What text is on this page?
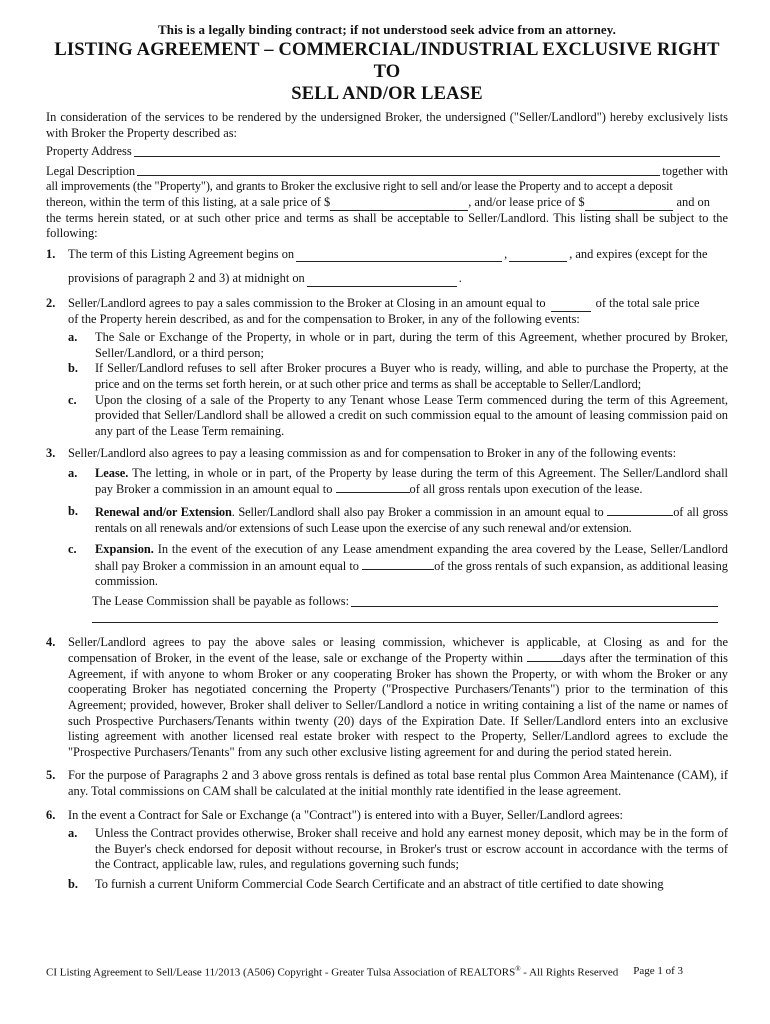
This is a legally binding contract; if not understood seek advice from an attorney.
LISTING AGREEMENT – COMMERCIAL/INDUSTRIAL EXCLUSIVE RIGHT TO
SELL AND/OR LEASE

In consideration of the services to be rendered by the undersigned Broker, the undersigned ("Seller/Landlord") hereby exclusively lists with Broker the Property described as:

Property Address
Legal Description	together with

all improvements (the "Property"), and grants to Broker the exclusive right to sell and/or lease the Property and to accept a deposit

thereon, within the term of this listing, at a sale price of $	, and/or lease price of $	and on

the terms herein stated, or at such other price and terms as shall be acceptable to Seller/Landlord. This listing shall be subject to the following:

1. The term of this Listing Agreement begins on	,	, and expires (except for the
provisions of paragraph 2 and 3) at midnight on	.
2. Seller/Landlord agrees to pay a sales commission to the Broker at Closing in an amount equal to	of the total sale price

of the Property herein described, as and for the compensation to Broker, in any of the following events:

a. The Sale or Exchange of the Property, in whole or in part, during the term of this Agreement, whether procured by Broker, Seller/Landlord, or a third person;

b. If Seller/Landlord refuses to sell after Broker procures a Buyer who is ready, willing, and able to purchase the Property, at the price and on the terms set forth herein, or at such other price and terms as shall be acceptable to Seller/Landlord;

c. Upon the closing of a sale of the Property to any Tenant whose Lease Term commenced during the term of this Agreement, provided that Seller/Landlord shall be allowed a credit on such commission equal to the amount of leasing commission paid on any part of the Lease Term remaining.

3. Seller/Landlord also agrees to pay a leasing commission as and for compensation to Broker in any of the following events:

a. Lease. The letting, in whole or in part, of the Property by lease during the term of this Agreement. The Seller/Landlord shall pay Broker a commission in an amount equal to	of all gross rentals upon execution of the lease.

b. Renewal and/or Extension. Seller/Landlord shall also pay Broker a commission in an amount equal to	of all gross rentals on all renewals and/or extensions of such Lease upon the exercise of any such renewal and/or extension.

c. Expansion. In the event of the execution of any Lease amendment expanding the area covered by the Lease, Seller/Landlord shall pay Broker a commission in an amount equal to	of the gross rentals of such expansion, as additional leasing commission.

The Lease Commission shall be payable as follows:
4. Seller/Landlord agrees to pay the above sales or leasing commission, whichever is applicable, at Closing as and for the compensation of Broker, in the event of the lease, sale or exchange of the Property within	days after the termination of this Agreement, if with anyone to whom Broker or any cooperating Broker has shown the Property, or with whom the Broker or any cooperating Broker has negotiated concerning the Property ("Prospective Purchasers/Tenants") prior to the termination of this Agreement; provided, however, Broker shall deliver to Seller/Landlord a notice in writing containing a list of the name or names of such Prospective Purchasers/Tenants within twenty (20) days of the Expiration Date. If Seller/Landlord enters into an exclusive listing agreement with another licensed real estate broker with respect to the Property, Seller/Landlord agrees to exclude the "Prospective Purchasers/Tenants" from any such other exclusive listing agreement for and during the period stated herein.

5. For the purpose of Paragraphs 2 and 3 above gross rentals is defined as total base rental plus Common Area Maintenance (CAM), if any. Total commissions on CAM shall be calculated at the initial monthly rate identified in the lease agreement.

6. In the event a Contract for Sale or Exchange (a "Contract") is entered into with a Buyer, Seller/Landlord agrees:

a. Unless the Contract provides otherwise, Broker shall receive and hold any earnest money deposit, which may be in the form of the Buyer's check endorsed for deposit without recourse, in Broker's trust or escrow account in accordance with the terms of the Contract, applicable law, rules, and regulations governing such funds;

b. To furnish a current Uniform Commercial Code Search Certificate and an abstract of title certified to date showing

CI Listing Agreement to Sell/Lease 11/2013 (A506) Copyright - Greater Tulsa Association of REALTORS® - All Rights Reserved Page 1 of 3
